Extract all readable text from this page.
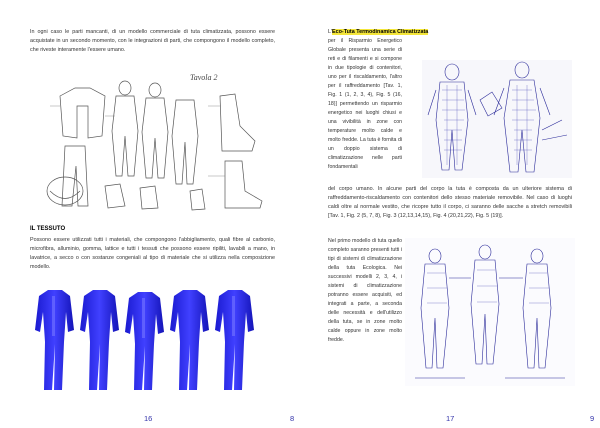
In ogni caso le parti mancanti, di un modello commerciale di tuta climatizzata, possono essere acquistate in un secondo momento, con le integrazioni di parti, che compongono il modello completo, che riveste interamente l'essere umano.
Tavola 2
IL TESSUTO
Possono essere utilizzati tutti i materiali, che compongono l'abbigliamento, quali fibre al carbonio, microfibra, alluminio, gomma, lattice e tutti i tessuti che possono essere ripiliti, lavabili a mano, in lavatrice, a secco o con sostanze congeniali al tipo di materiale che si utilizza nella composizione modello.
16	8
L'Eco-Tuta Termodinamica Climatizzata
per il Risparmio Energetico Globale presenta una serie di reti e di filamenti e si compone in due tipologie di contenitori, uno per il riscaldamento, l'altro per il raffreddamento [Tav. 1, Fig. 1 (1, 2, 3, 4), Fig. 5 (16, 18)] permettendo un risparmio energetico nei luoghi chiusi e una vivibilità in zone con temperature molto calde e molto fredde. La tuta è fornita di un doppio sistema di climatizzazione nelle parti fondamentali
del corpo umano. In alcune parti del corpo la tuta è composta da un ulteriore sistema di raffreddamento-riscaldamento con contenitori dello stesso materiale removibile. Nel caso di luoghi caldi oltre al normale vestito, che ricopre tutto il corpo, ci saranno delle sacche a stretch removibili [Tav. 1, Fig. 2 (5, 7, 8), Fig. 3 (12,13,14,15), Fig. 4 (20,21,22), Fig. 5 (19)].
Nel primo modello di tuta quello completo saranno presenti tutti i tipi di sistemi di climatizzazione della tuta Ecologica. Nei successivi modelli 2, 3, 4, i sistemi di climatizzazione potranno essere acquisiti, ed integrati a parte, a seconda delle necessità e dell'utilizzo della tuta, se in zone molto calde oppure in zone molto fredde.
17	9
